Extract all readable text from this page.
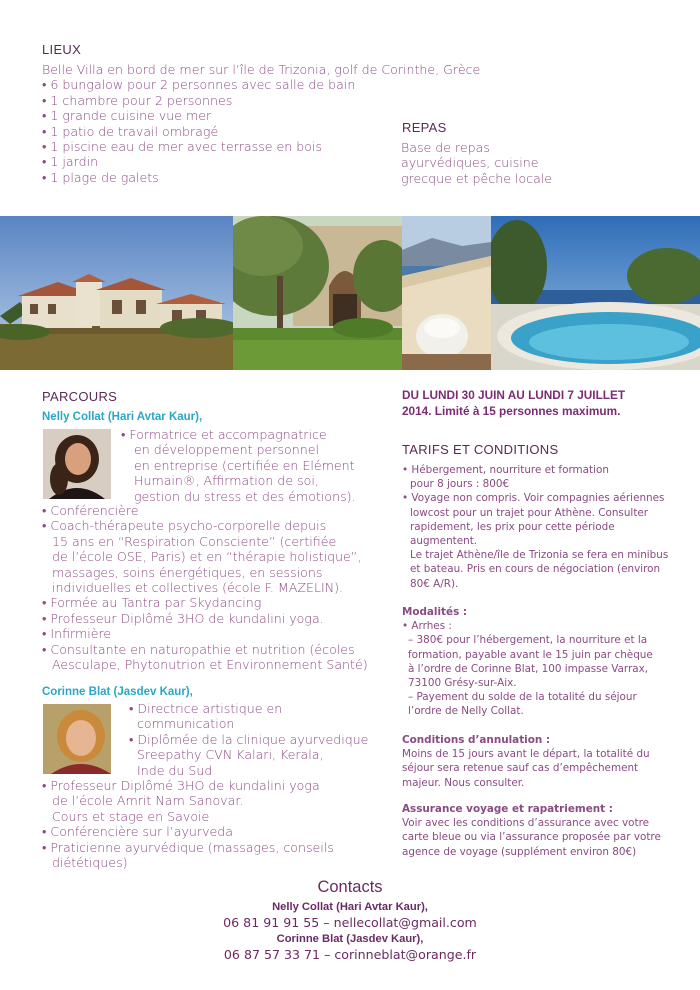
LIEUX
Belle Villa en bord de mer sur l’île de Trizonia, golf de Corinthe, Grèce
• 6 bungalow pour 2 personnes avec salle de bain
• 1 chambre pour 2 personnes
• 1 grande cuisine vue mer
• 1 patio de travail ombragé
• 1 piscine eau de mer avec terrasse en bois
• 1 jardin
• 1 plage de galets
REPAS
Base de repas
ayurvédiques, cuisine
grecque et pêche locale
PARCOURS
Nelly Collat (Hari Avtar Kaur),
• Formatrice et accompagnatrice
en développement personnel
en entreprise (certifiée en Elément
Humain®, Affirmation de soi,
gestion du stress et des émotions).
• Conférencière
• Coach-thérapeute psycho-corporelle depuis
15 ans en “Respiration Consciente” (certifiée
de l’école OSE, Paris) et en “thérapie holistique”,
massages, soins énergétiques, en sessions
individuelles et collectives (école F. MAZELIN).
• Formée au Tantra par Skydancing
• Professeur Diplômé 3HO de kundalini yoga.
• Infirmière
• Consultante en naturopathie et nutrition (écoles
Aesculape, Phytonutrion et Environnement Santé)
Corinne Blat (Jasdev Kaur),
• Directrice artistique en
communication
• Diplômée de la clinique ayurvedique
Sreepathy CVN Kalari, Kerala,
Inde du Sud
• Professeur Diplômé 3HO de kundalini yoga
de l’école Amrit Nam Sanovar.
Cours et stage en Savoie
• Conférencière sur l’ayurveda
• Praticienne ayurvédique (massages, conseils
diététiques)
DU LUNDI 30 JUIN AU LUNDI 7 JUILLET
2014. Limité à 15 personnes maximum.
TARIFS ET CONDITIONS
• Hébergement, nourriture et formation
pour 8 jours : 800€
• Voyage non compris. Voir compagnies aériennes
lowcost pour un trajet pour Athène. Consulter
rapidement, les prix pour cette période
augmentent.
Le trajet Athène/île de Trizonia se fera en minibus
et bateau. Pris en cours de négociation (environ
80€ A/R).
Modalités :
• Arrhes :
– 380€ pour l’hébergement, la nourriture et la
formation, payable avant le 15 juin par chèque
à l’ordre de Corinne Blat, 100 impasse Varrax,
73100 Grésy-sur-Aix.
– Payement du solde de la totalité du séjour
l’ordre de Nelly Collat.
Conditions d’annulation :
Moins de 15 jours avant le départ, la totalité du
séjour sera retenue sauf cas d’empêchement
majeur. Nous consulter.
Assurance voyage et rapatriement :
Voir avec les conditions d’assurance avec votre
carte bleue ou via l’assurance proposée par votre
agence de voyage (supplément environ 80€)
Contacts
Nelly Collat (Hari Avtar Kaur),
06 81 91 91 55 – nellecollat@gmail.com
Corinne Blat (Jasdev Kaur),
06 87 57 33 71 – corinneblat@orange.fr
